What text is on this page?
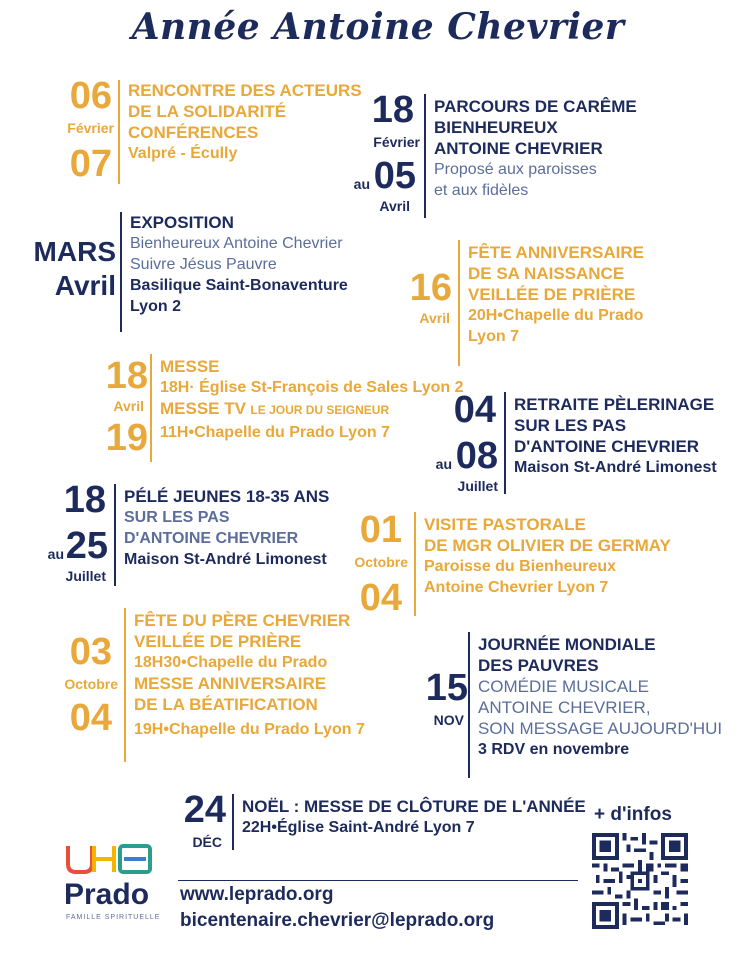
Année Antoine Chevrier
06
Février
07
RENCONTRE DES ACTEURS
DE LA SOLIDARITÉ
CONFÉRENCES
Valpré - Écully
18
Février
au 05
Avril
PARCOURS DE CARÊME
BIENHEUREUX
ANTOINE CHEVRIER
Proposé aux paroisses
et aux fidèles
MARS
Avril
EXPOSITION
Bienheureux Antoine Chevrier
Suivre Jésus Pauvre
Basilique Saint-Bonaventure
Lyon 2	16
Avril
FÊTE ANNIVERSAIRE
DE SA NAISSANCE
VEILLÉE DE PRIÈRE
20H•Chapelle du Prado
Lyon 7
18
Avril
19
MESSE
18H· Église St-François de Sales Lyon 2
MESSE TV LE JOUR DU SEIGNEUR
11H•Chapelle du Prado Lyon 7
04
au 08
Juillet
RETRAITE PÈLERINAGE
SUR LES PAS
D'ANTOINE CHEVRIER
Maison St-André Limonest
18
au 25
Juillet
PÉLÉ JEUNES 18-35 ANS
SUR LES PAS
D'ANTOINE CHEVRIER
Maison St-André Limonest
01
Octobre
04
VISITE PASTORALE
DE MGR OLIVIER DE GERMAY
Paroisse du Bienheureux
Antoine Chevrier Lyon 7
03
Octobre
04
FÊTE DU PÈRE CHEVRIER
VEILLÉE DE PRIÈRE
18H30•Chapelle du Prado
MESSE ANNIVERSAIRE
DE LA BÉATIFICATION
19H•Chapelle du Prado Lyon 7
15
NOV
JOURNÉE MONDIALE
DES PAUVRES
COMÉDIE MUSICALE
ANTOINE CHEVRIER,
SON MESSAGE AUJOURD'HUI
3 RDV en novembre
24
DÉC
NOËL : MESSE DE CLÔTURE DE L'ANNÉE
22H•Église Saint-André Lyon 7
www.leprado.org
bicentenaire.chevrier@leprado.org
+ d'infos
Prado
FAMILLE SPIRITUELLE
